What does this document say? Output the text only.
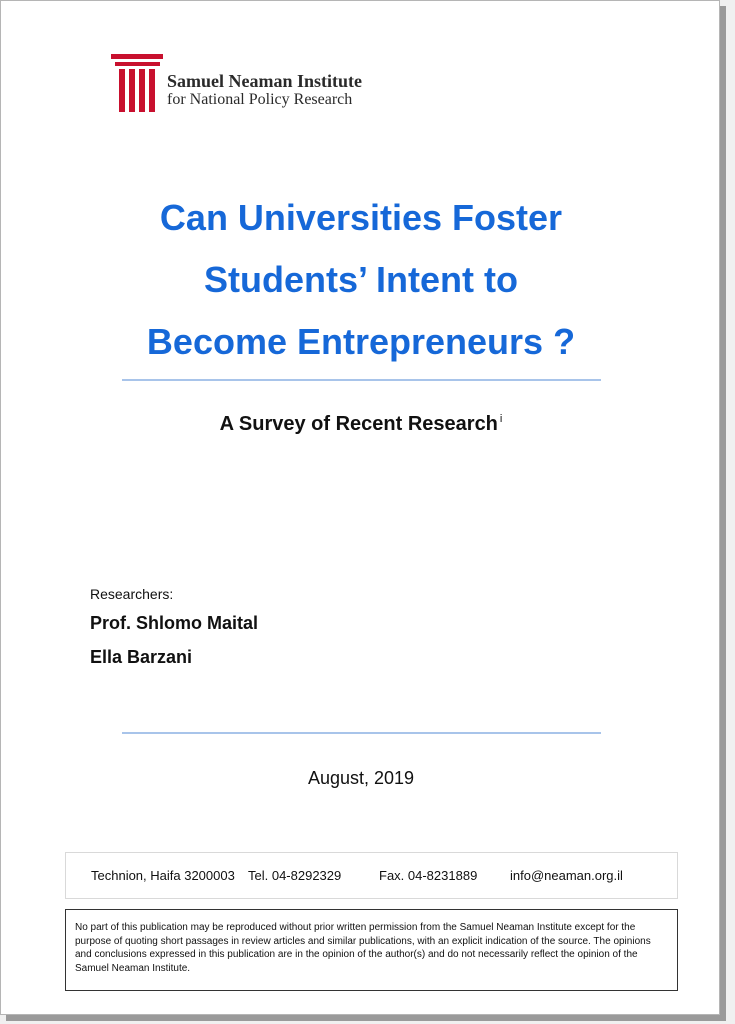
Samuel Neaman Institute
for National Policy Research
Can Universities Foster
Students’ Intent to
Become Entrepreneurs ?
A Survey of Recent Research $^i$
Researchers:
Prof. Shlomo Maital
Ella Barzani
August, 2019
Technion, Haifa 3200003 Tel. 04-8292329	Fax. 04-8231889	info@neaman.org.il
No part of this publication may be reproduced without prior written permission from the Samuel Neaman Institute except for the purpose of quoting short passages in review articles and similar publications, with an explicit indication of the source. The opinions and conclusions expressed in this publication are in the opinion of the author(s) and do not necessarily reflect the opinion of the Samuel Neaman Institute.
